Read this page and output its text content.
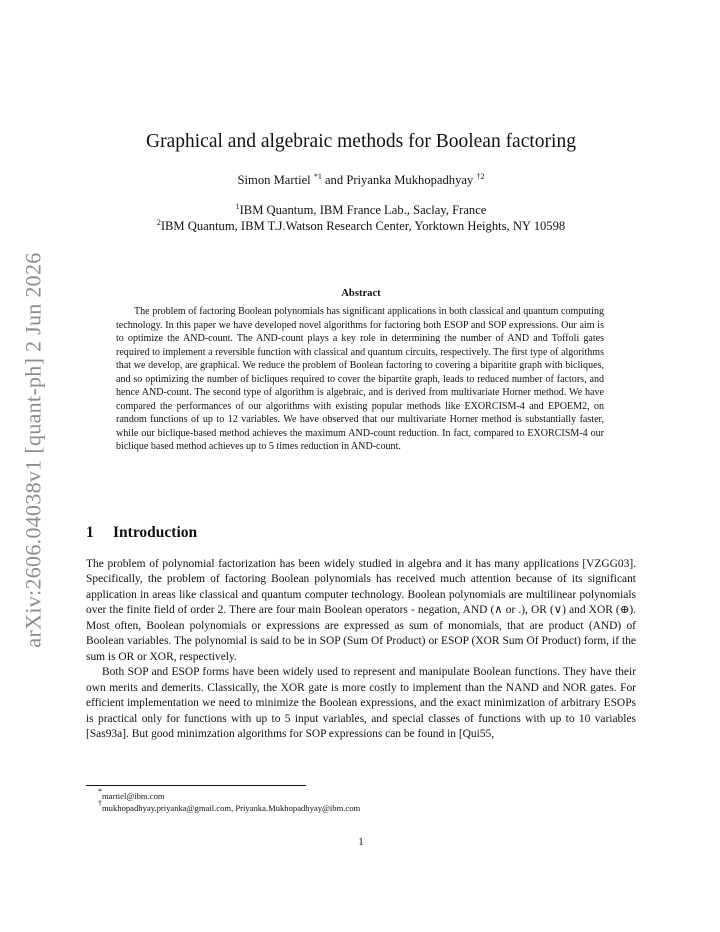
arXiv:2606.04038v1 [quant-ph] 2 Jun 2026
Graphical and algebraic methods for Boolean factoring
Simon Martiel $^{*1}$ and Priyanka Mukhopadhyay $^{\dagger 2}$
$^1$IBM Quantum, IBM France Lab., Saclay, France
$^2$IBM Quantum, IBM T.J.Watson Research Center, Yorktown Heights, NY 10598
Abstract

The problem of factoring Boolean polynomials has significant applications in both classical and quantum computing technology. In this paper we have developed novel algorithms for factoring both ESOP and SOP expressions. Our aim is to optimize the AND-count. The AND-count plays a key role in determining the number of AND and Toffoli gates required to implement a reversible function with classical and quantum circuits, respectively. The first type of algorithms that we develop, are graphical. We reduce the problem of Boolean factoring to covering a biparitite graph with bicliques, and so optimizing the number of bicliques required to cover the bipartite graph, leads to reduced number of factors, and hence AND-count. The second type of algorithm is algebraic, and is derived from multivariate Horner method. We have compared the performances of our algorithms with existing popular methods like EXORCISM-4 and EPOEM2, on random functions of up to 12 variables. We have observed that our multivariate Horner method is substantially faster, while our biclique-based method achieves the maximum AND-count reduction. In fact, compared to EXORCISM-4 our biclique based method achieves up to 5 times reduction in AND-count.

1 Introduction

The problem of polynomial factorization has been widely studied in algebra and it has many applications [VZGG03]. Specifically, the problem of factoring Boolean polynomials has received much attention because of its significant application in areas like classical and quantum computer technology. Boolean polynomials are multilinear polynomials over the finite field of order 2. There are four main Boolean operators - negation, AND (∧ or .), OR (∨) and XOR (⊕). Most often, Boolean polynomials or expressions are expressed as sum of monomials, that are product (AND) of Boolean variables. The polynomial is said to be in SOP (Sum Of Product) or ESOP (XOR Sum Of Product) form, if the sum is OR or XOR, respectively.

Both SOP and ESOP forms have been widely used to represent and manipulate Boolean functions. They have their own merits and demerits. Classically, the XOR gate is more costly to implement than the NAND and NOR gates. For efficient implementation we need to minimize the Boolean expressions, and the exact minimization of arbitrary ESOPs is practical only for functions with up to 5 input variables, and special classes of functions with up to 10 variables [Sas93a]. But good minimzation algorithms for SOP expressions can be found in [Qui55,

*martiel@ibm.com
†mukhopadhyay.priyanka@gmail.com, Priyanka.Mukhopadhyay@ibm.com
1
